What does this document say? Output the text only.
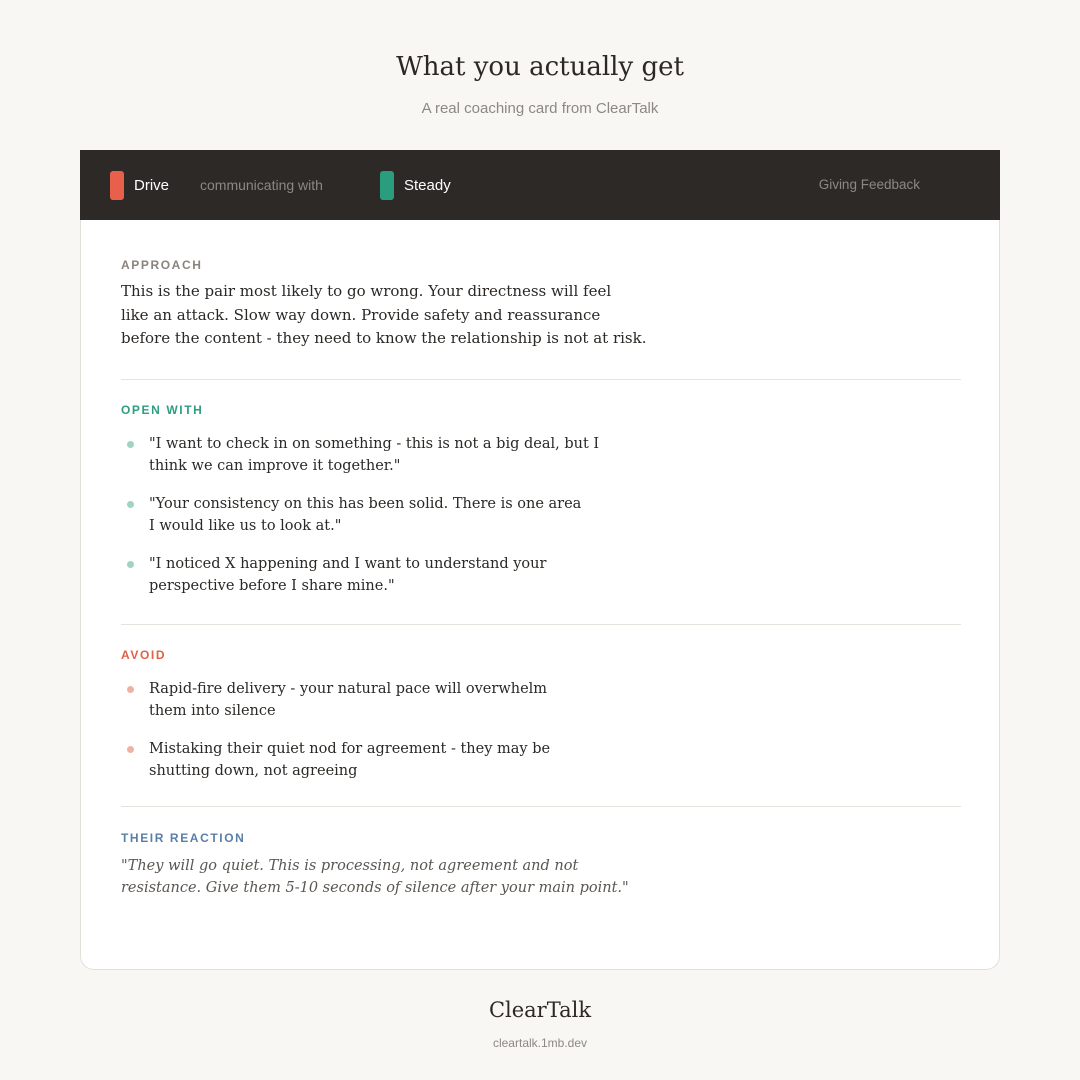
What you actually get
A real coaching card from ClearTalk
APPROACH
This is the pair most likely to go wrong. Your directness will feel
like an attack. Slow way down. Provide safety and reassurance
before the content - they need to know the relationship is not at risk.
OPEN WITH
"I want to check in on something - this is not a big deal, but I
think we can improve it together."
"Your consistency on this has been solid. There is one area
I would like us to look at."
"I noticed X happening and I want to understand your
perspective before I share mine."
AVOID
Rapid-fire delivery - your natural pace will overwhelm
them into silence
Mistaking their quiet nod for agreement - they may be
shutting down, not agreeing
THEIR REACTION
"They will go quiet. This is processing, not agreement and not
resistance. Give them 5-10 seconds of silence after your main point."
Drive communicating with	Steady	Giving Feedback
ClearTalk
cleartalk.1mb.dev
